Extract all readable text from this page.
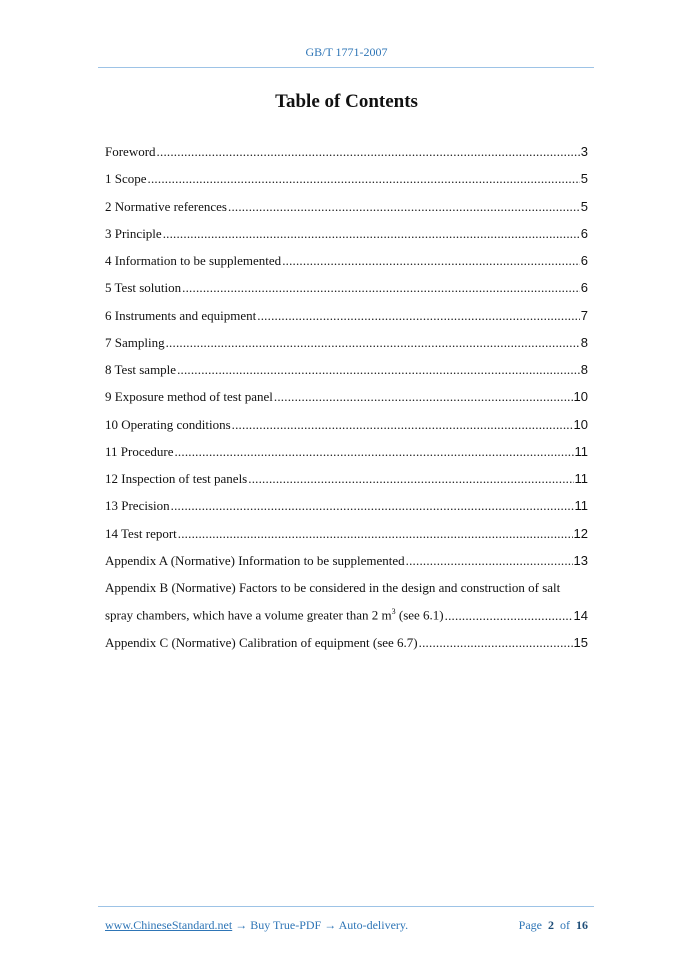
GB/T 1771-2007
Table of Contents
Foreword .....	3
1 Scope .....	5
2 Normative references .....	5
3 Principle .....	6
4 Information to be supplemented .....	6
5 Test solution .....	6
6 Instruments and equipment .....	7
7 Sampling .....	8
8 Test sample .....	8
9 Exposure method of test panel .....	10
10 Operating conditions .....	10
11 Procedure .....	11
12 Inspection of test panels .....	11
13 Precision .....	11
14 Test report .....	12
Appendix A (Normative) Information to be supplemented .....	13
Appendix B (Normative) Factors to be considered in the design and construction of salt
spray chambers, which have a volume greater than 2 $m^3$ (see 6.1) .....	14
Appendix C (Normative) Calibration of equipment (see 6.7) .....	15
www.ChineseStandard.net → Buy True-PDF → Auto-delivery.	Page 2 of 16
